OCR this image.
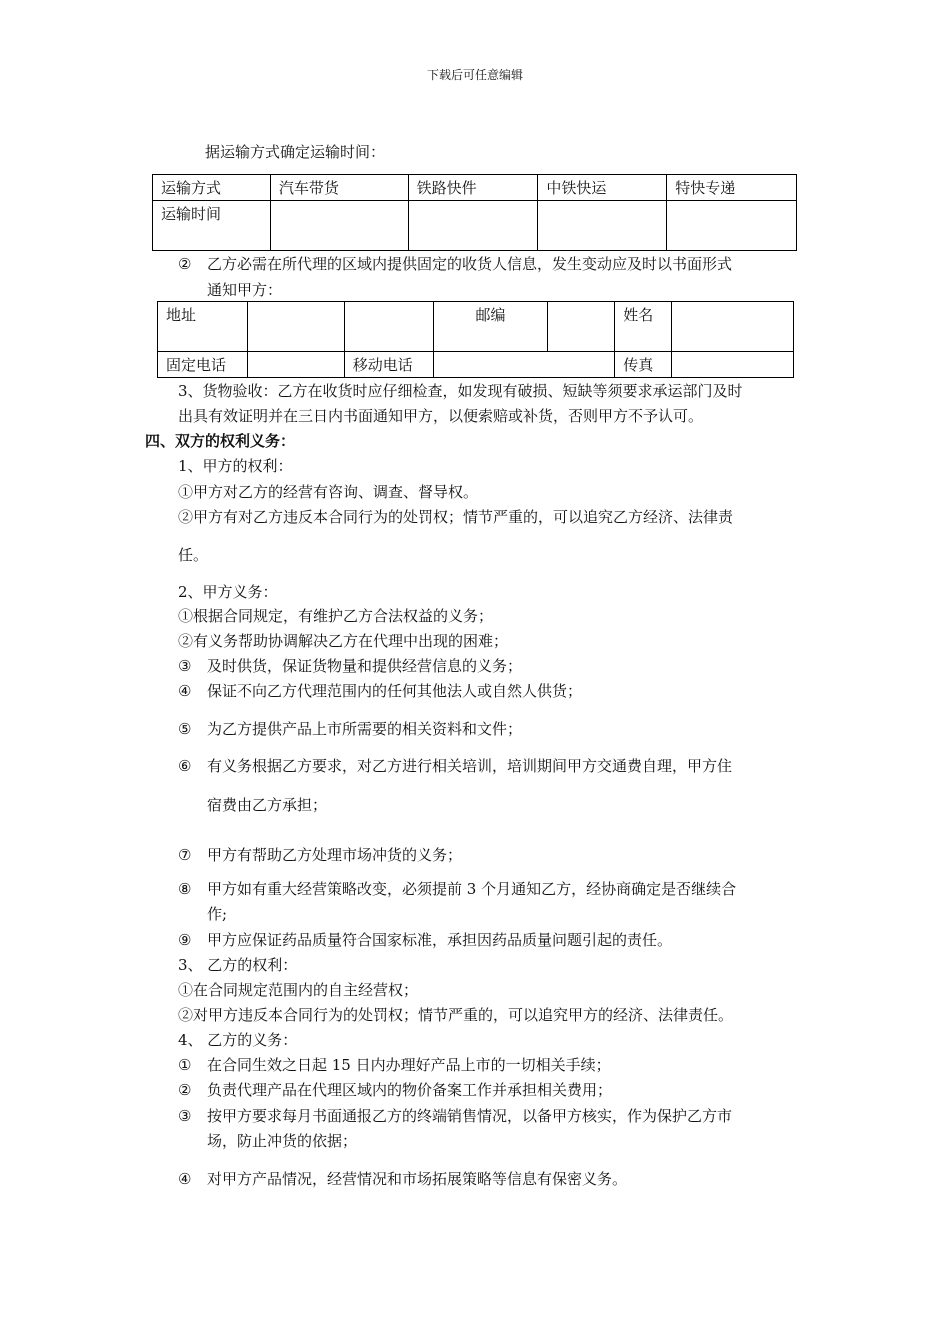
下载后可任意编辑
据运输方式确定运输时间：
运输方式	汽车带货	铁路快件	中铁快运	特快专递
运输时间				
② 乙方必需在所代理的区域内提供固定的收货人信息，发生变动应及时以书面形式
通知甲方：
地址			邮编		姓名	
固定电话		移动电话			传真	
3、货物验收：乙方在收货时应仔细检查，如发现有破损、短缺等须要求承运部门及时
出具有效证明并在三日内书面通知甲方，以便索赔或补货，否则甲方不予认可。
四、双方的权利义务：
1、甲方的权利：
①甲方对乙方的经营有咨询、调查、督导权。
②甲方有对乙方违反本合同行为的处罚权；情节严重的，可以追究乙方经济、法律责
任。
2、甲方义务：
①根据合同规定，有维护乙方合法权益的义务；
②有义务帮助协调解决乙方在代理中出现的困难；
③ 及时供货，保证货物量和提供经营信息的义务；
④ 保证不向乙方代理范围内的任何其他法人或自然人供货；
⑤ 为乙方提供产品上市所需要的相关资料和文件；
⑥ 有义务根据乙方要求，对乙方进行相关培训，培训期间甲方交通费自理，甲方住
宿费由乙方承担；
⑦ 甲方有帮助乙方处理市场冲货的义务；
⑧ 甲方如有重大经营策略改变，必须提前 3 个月通知乙方，经协商确定是否继续合
作;
⑨ 甲方应保证药品质量符合国家标准，承担因药品质量问题引起的责任。
3、 乙方的权利：
①在合同规定范围内的自主经营权；
②对甲方违反本合同行为的处罚权；情节严重的，可以追究甲方的经济、法律责任。
4、 乙方的义务：
① 在合同生效之日起 15 日内办理好产品上市的一切相关手续；
② 负责代理产品在代理区域内的物价备案工作并承担相关费用；
③ 按甲方要求每月书面通报乙方的终端销售情况，以备甲方核实，作为保护乙方市
场，防止冲货的依据；
④ 对甲方产品情况，经营情况和市场拓展策略等信息有保密义务。
